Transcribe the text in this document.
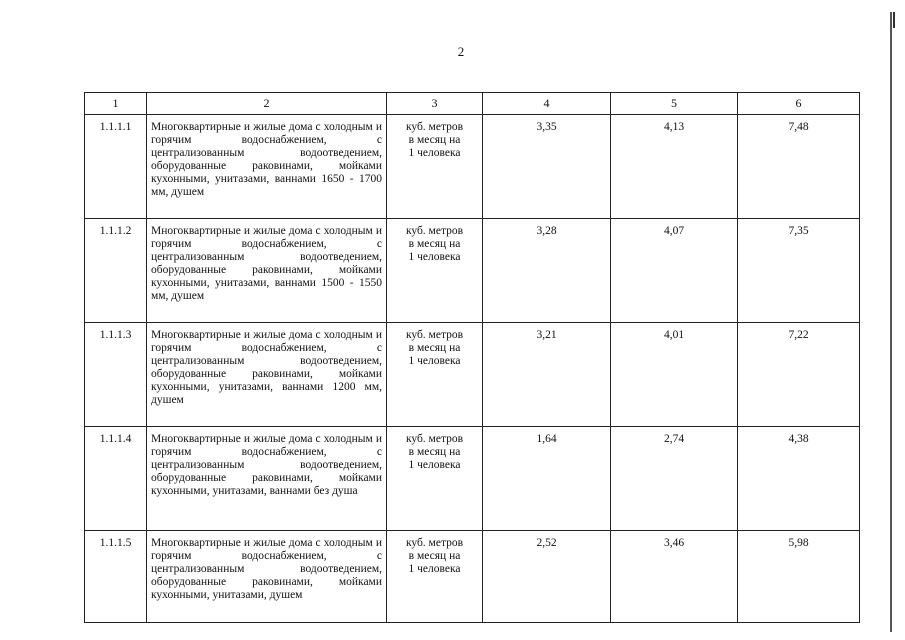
2
1	2	3	4	5	6
1.1.1.1	Многоквартирные и жилые дома с холодным и горячим водоснабжением, с централизованным водоотведением, оборудованные раковинами, мойками кухонными, унитазами, ваннами 1650 - 1700 мм, душем	куб. метров
в месяц на
1 человека	3,35	4,13	7,48
1.1.1.2	Многоквартирные и жилые дома с холодным и горячим водоснабжением, с централизованным водоотведением, оборудованные раковинами, мойками кухонными, унитазами, ваннами 1500 - 1550 мм, душем	куб. метров
в месяц на
1 человека	3,28	4,07	7,35
1.1.1.3	Многоквартирные и жилые дома с холодным и горячим водоснабжением, с централизованным водоотведением, оборудованные раковинами, мойками кухонными, унитазами, ваннами 1200 мм, душем	куб. метров
в месяц на
1 человека	3,21	4,01	7,22
1.1.1.4	Многоквартирные и жилые дома с холодным и горячим водоснабжением, с централизованным водоотведением, оборудованные раковинами, мойками кухонными, унитазами, ваннами без душа	куб. метров
в месяц на
1 человека	1,64	2,74	4,38
1.1.1.5	Многоквартирные и жилые дома с холодным и горячим водоснабжением, с централизованным водоотведением, оборудованные раковинами, мойками кухонными, унитазами, душем	куб. метров
в месяц на
1 человека	2,52	3,46	5,98
